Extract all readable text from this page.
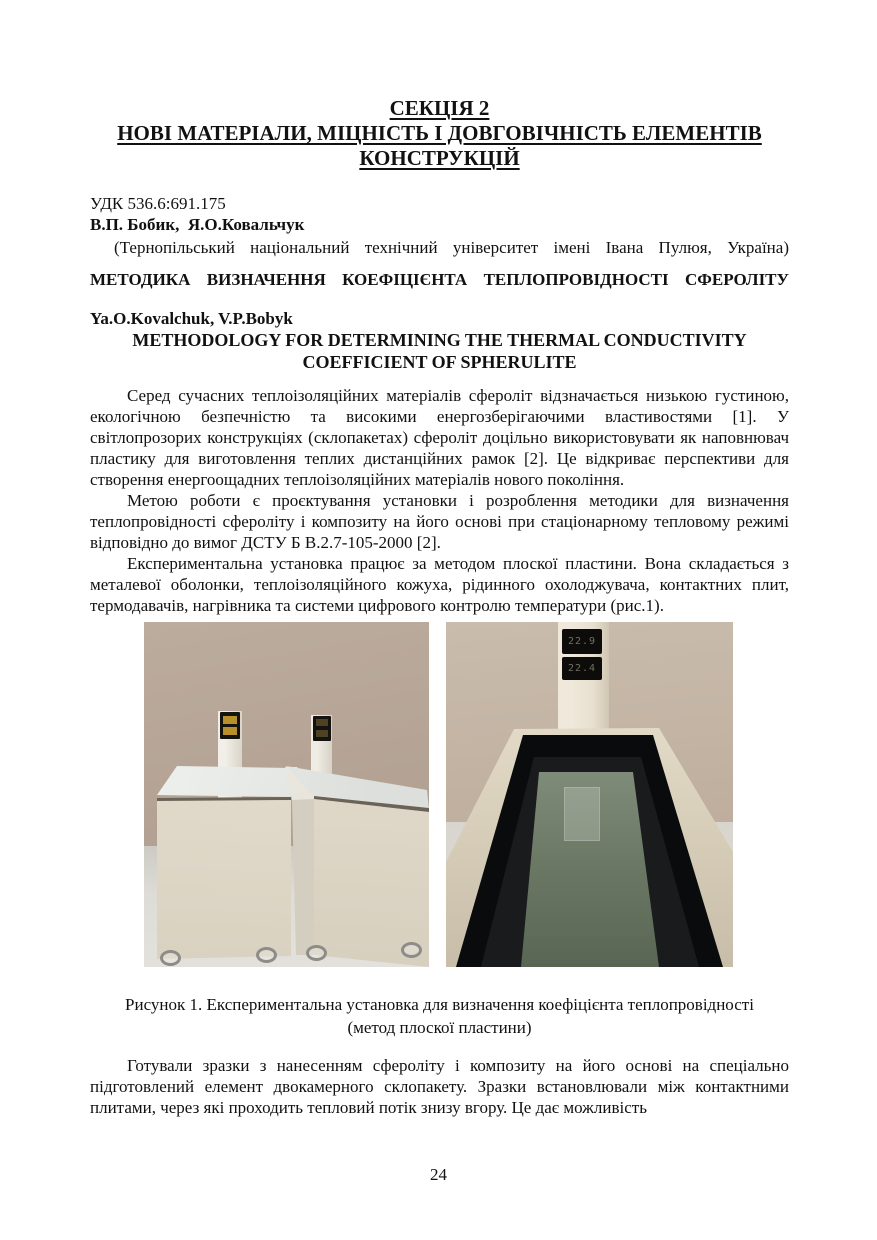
СЕКЦІЯ 2
НОВІ МАТЕРІАЛИ, МІЦНІСТЬ І ДОВГОВІЧНІСТЬ ЕЛЕМЕНТІВ
КОНСТРУКЦІЙ
УДК 536.6:691.175
В.П. Бобик,  Я.О.Ковальчук
(Тернопільський національний технічний університет імені Івана Пулюя, Україна)
МЕТОДИКА ВИЗНАЧЕННЯ КОЕФІЦІЄНТА ТЕПЛОПРОВІДНОСТІ СФЕРОЛІТУ
Ya.O.Kovalchuk, V.P.Bobyk
METHODOLOGY FOR DETERMINING THE THERMAL CONDUCTIVITY
COEFFICIENT OF SPHERULITE
Серед сучасних теплоізоляційних матеріалів сфероліт відзначається низькою густиною, екологічною безпечністю та високими енергозберігаючими властивостями [1]. У світлопрозорих конструкціях (склопакетах) сфероліт доцільно використовувати як наповнювач пластику для виготовлення теплих дистанційних рамок [2]. Це відкриває перспективи для створення енергоощадних теплоізоляційних матеріалів нового покоління.
Метою роботи є проєктування установки і розроблення методики для визначення теплопровідності сфероліту і композиту на його основі при стаціонарному тепловому режимі відповідно до вимог ДСТУ Б В.2.7-105-2000 [2].
Експериментальна установка працює за методом плоскої пластини. Вона складається з металевої оболонки, теплоізоляційного кожуха, рідинного охолоджувача, контактних плит, термодавачів, нагрівника та системи цифрового контролю температури (рис.1).
22.9
22.4
Рисунок 1. Експериментальна установка для визначення коефіцієнта теплопровідності
(метод плоскої пластини)
Готували зразки з нанесенням сфероліту і композиту на його основі на спеціально підготовлений елемент двокамерного склопакету. Зразки встановлювали між контактними плитами, через які проходить тепловий потік знизу вгору. Це дає можливість
24
